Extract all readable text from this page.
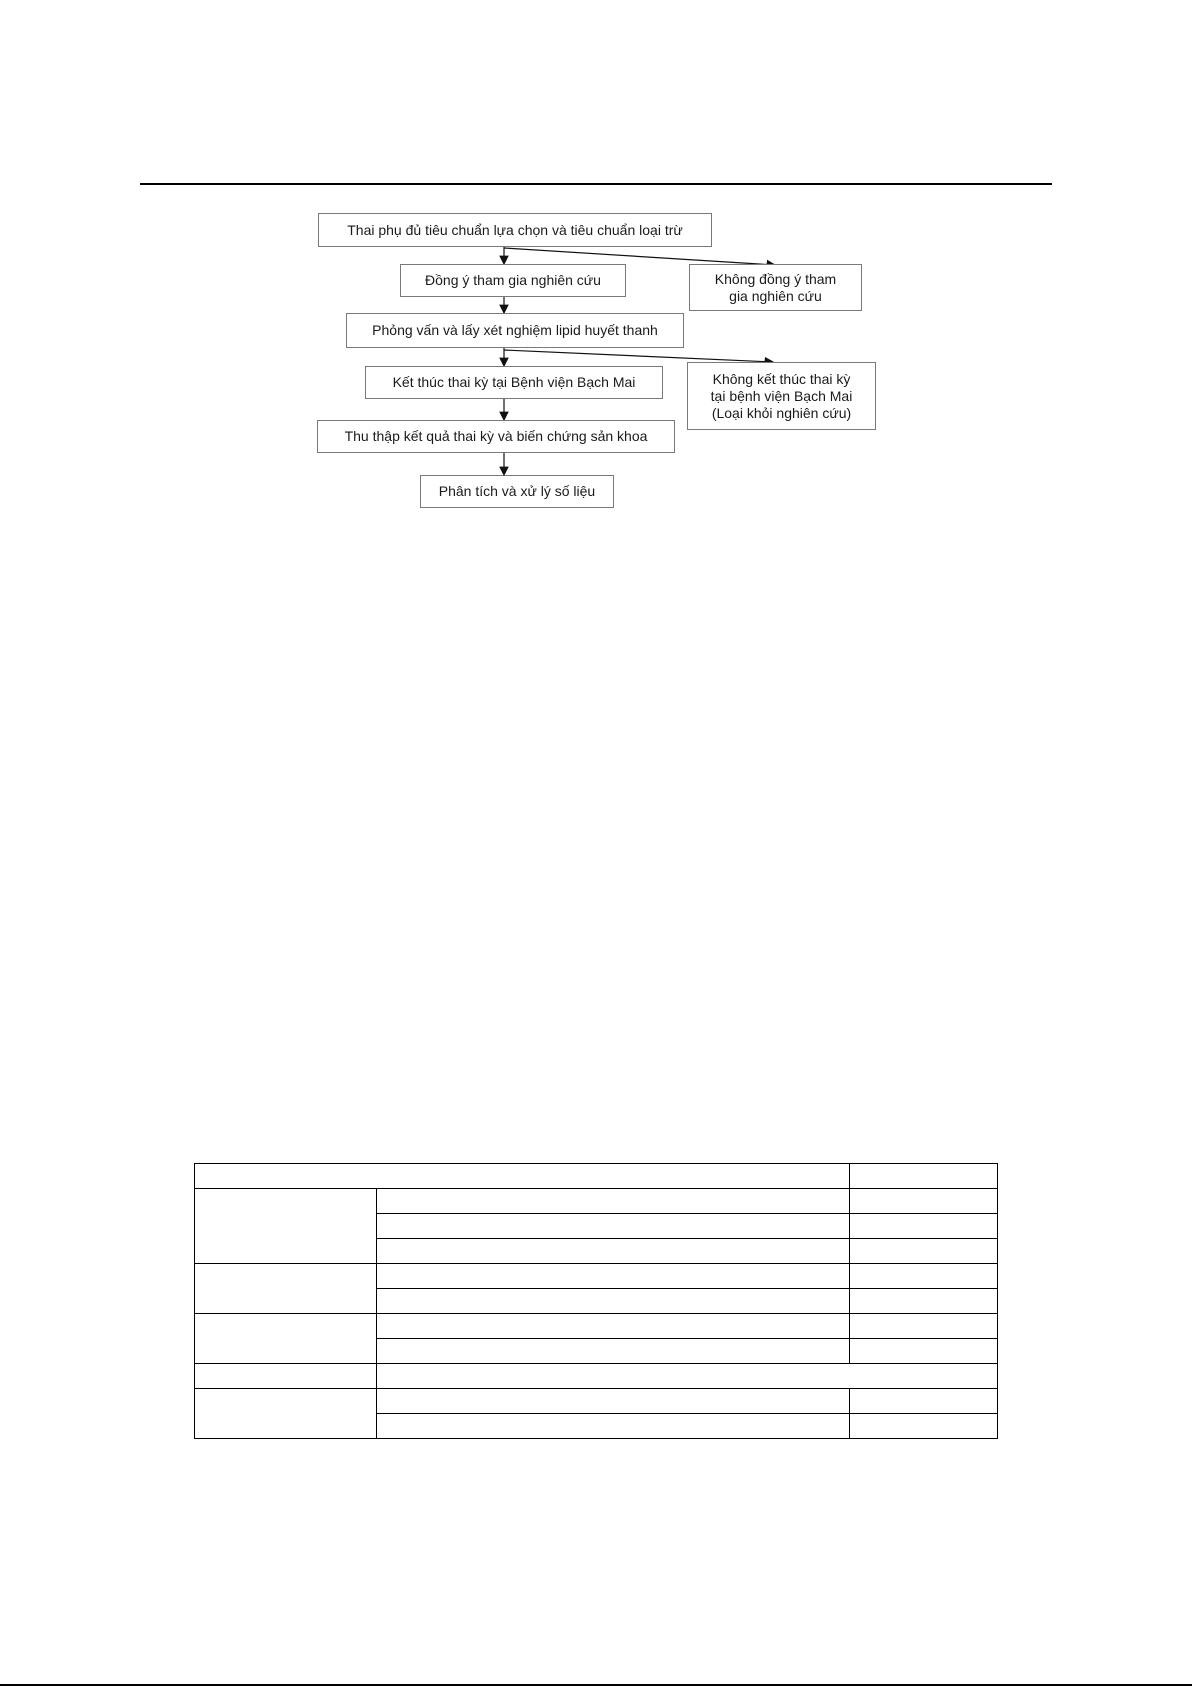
Thai phụ đủ tiêu chuẩn lựa chọn và tiêu chuẩn loại trừ
Đồng ý tham gia nghiên cứu	Không đồng ý tham
gia nghiên cứu
Phỏng vấn và lấy xét nghiệm lipid huyết thanh
Kết thúc thai kỳ tại Bệnh viện Bạch Mai	Không kết thúc thai kỳ
tại bệnh viện Bạch Mai
(Loại khỏi nghiên cứu)
Thu thập kết quả thai kỳ và biến chứng sản khoa
Phân tích và xử lý số liệu
